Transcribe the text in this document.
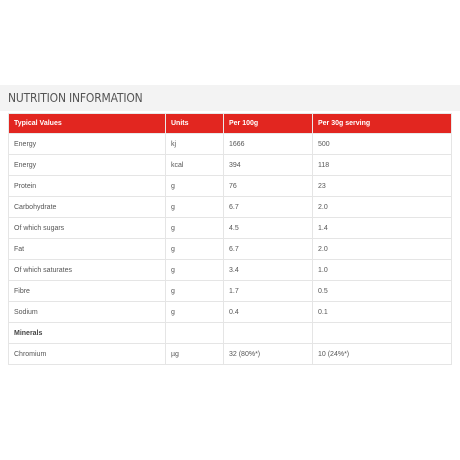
NUTRITION INFORMATION
Typical Values	Units	Per 100g	Per 30g serving
Energy	kj	1666	500
Energy	kcal	394	118
Protein	g	76	23
Carbohydrate	g	6.7	2.0
Of which sugars	g	4.5	1.4
Fat	g	6.7	2.0
Of which saturates	g	3.4	1.0
Fibre	g	1.7	0.5
Sodium	g	0.4	0.1
Minerals			
Chromium	µg	32 (80%*)	10 (24%*)
